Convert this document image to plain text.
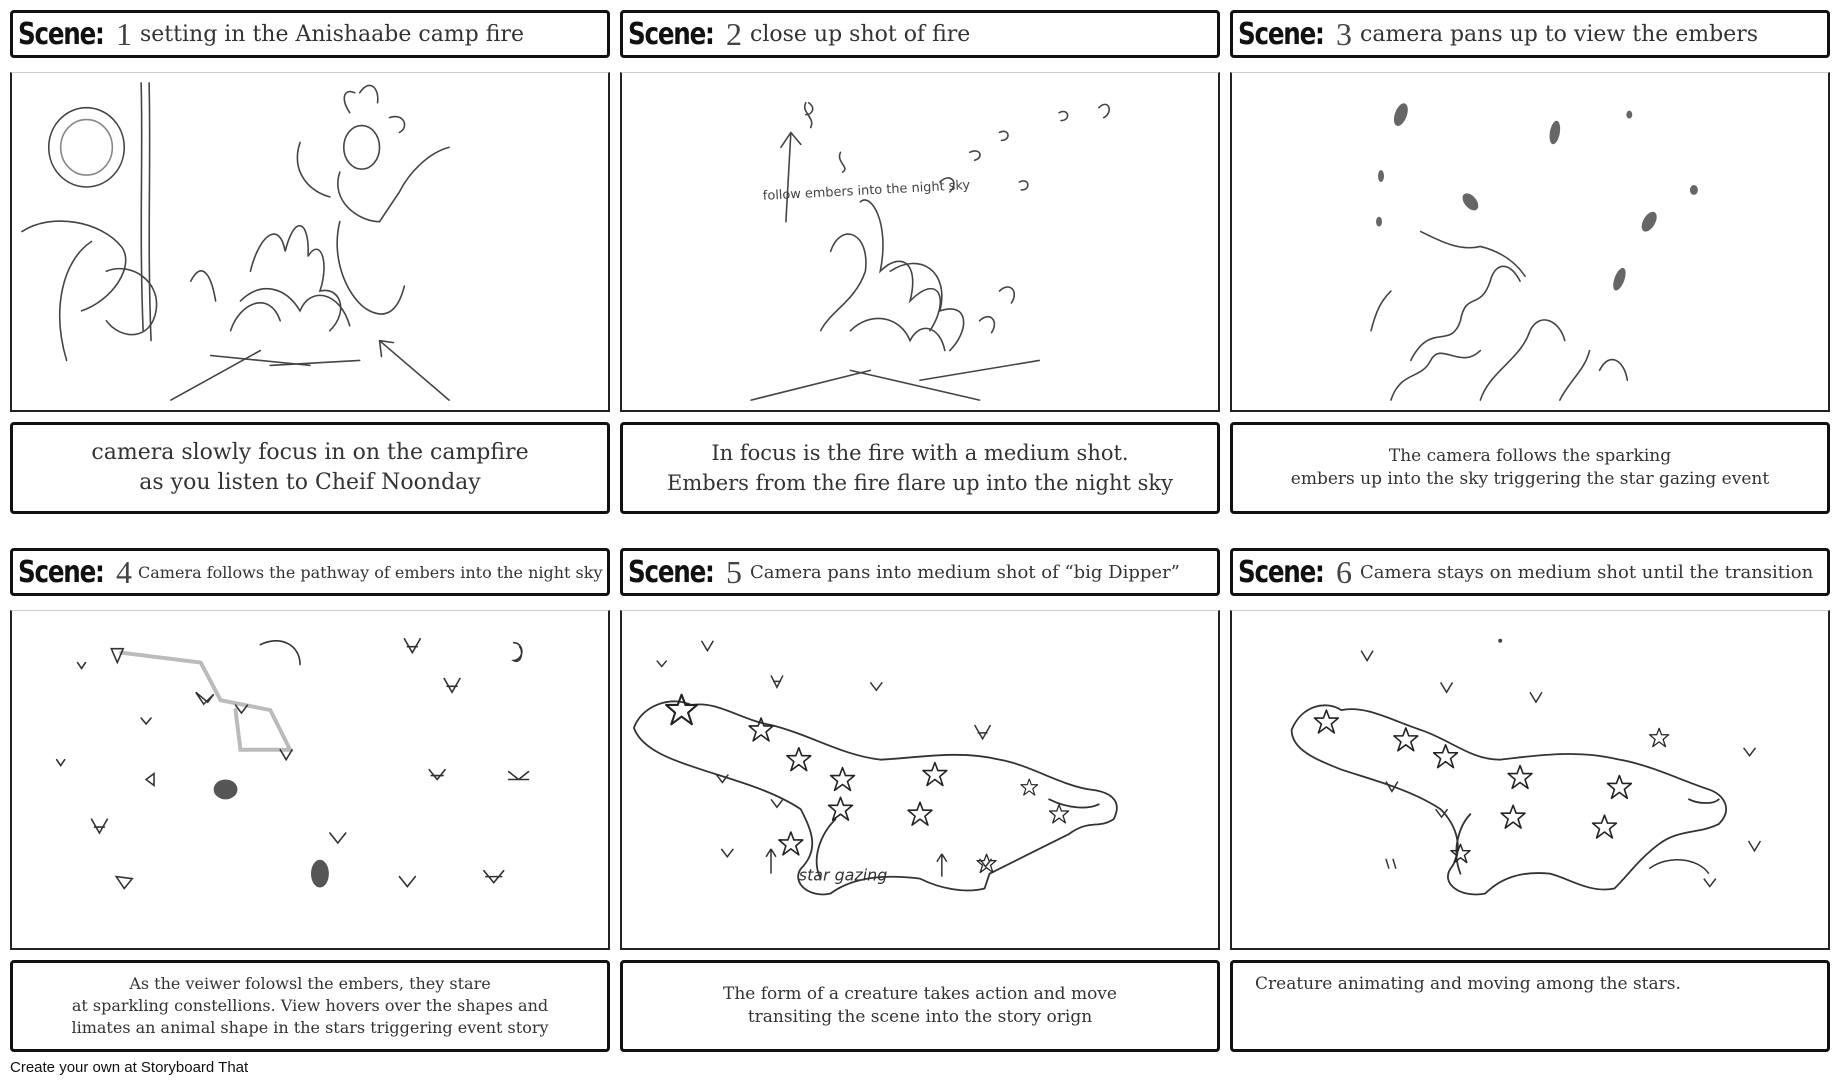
Scene: 1 setting in the Anishaabe camp fire
camera slowly focus in on the campfire
as you listen to Cheif Noonday
Scene: 2 close up shot of fire
follow embers into the night sky
In focus is the fire with a medium shot.
Embers from the fire flare up into the night sky
Scene: 3 camera pans up to view the embers
The camera follows the sparking
embers up into the sky triggering the star gazing event
Scene: 4 Camera follows the pathway of embers into the night sky
As the veiwer folowsl the embers, they stare
at sparkling constellions. View hovers over the shapes and
limates an animal shape in the stars triggering event story
Scene: 5 Camera pans into medium shot of “big Dipper”
star gazing
The form of a creature takes action and move
transiting the scene into the story orign
Scene: 6 Camera stays on medium shot until the transition
Creature animating and moving among the stars.
Create your own at Storyboard That
